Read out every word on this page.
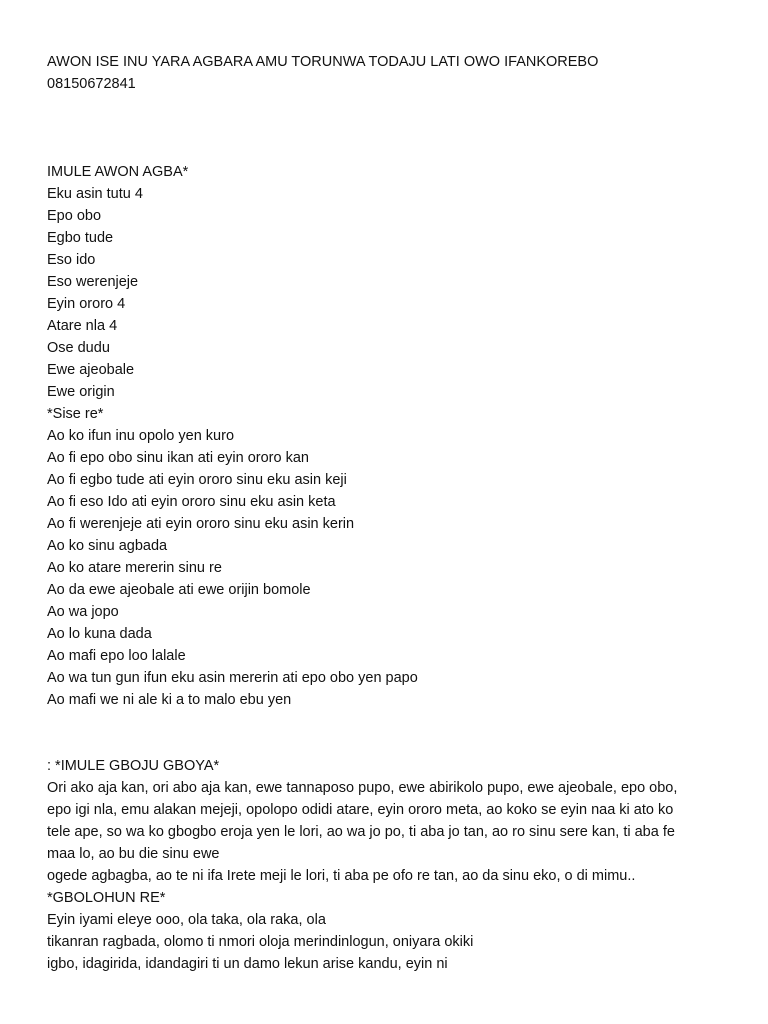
AWON ISE INU YARA AGBARA AMU TORUNWA TODAJU LATI OWO IFANKOREBO
08150672841
IMULE AWON AGBA*
Eku asin tutu 4
Epo obo
Egbo tude
Eso ido
Eso werenjeje
Eyin ororo 4
Atare nla 4
Ose dudu
Ewe ajeobale
Ewe origin
*Sise re*
Ao ko ifun inu opolo yen kuro
Ao fi epo obo sinu ikan ati eyin ororo kan
Ao fi egbo tude ati eyin ororo sinu eku asin keji
Ao fi eso Ido ati eyin ororo sinu eku asin keta
Ao fi werenjeje ati eyin ororo sinu eku asin kerin
Ao ko sinu agbada
Ao ko atare mererin sinu re
Ao da ewe ajeobale ati ewe orijin bomole
Ao wa jopo
Ao lo kuna dada
Ao mafi epo loo lalale
Ao wa tun gun ifun eku asin mererin ati epo obo yen papo
Ao mafi we ni ale ki a to malo ebu yen
: *IMULE GBOJU GBOYA*
Ori ako aja kan, ori abo aja kan, ewe tannaposo pupo, ewe abirikolo pupo, ewe ajeobale, epo obo,
epo igi nla, emu alakan mejeji, opolopo odidi atare, eyin ororo meta, ao koko se eyin naa ki ato ko
tele ape, so wa ko gbogbo eroja yen le lori, ao wa jo po, ti aba jo tan, ao ro sinu sere kan, ti aba fe
maa lo, ao bu die sinu ewe
ogede agbagba, ao te ni ifa Irete meji le lori, ti aba pe ofo re tan, ao da sinu eko, o di mimu..
*GBOLOHUN RE*
Eyin iyami eleye ooo, ola taka, ola raka, ola
tikanran ragbada, olomo ti nmori oloja merindinlogun, oniyara okiki
igbo, idagirida, idandagiri ti un damo lekun arise kandu, eyin ni
